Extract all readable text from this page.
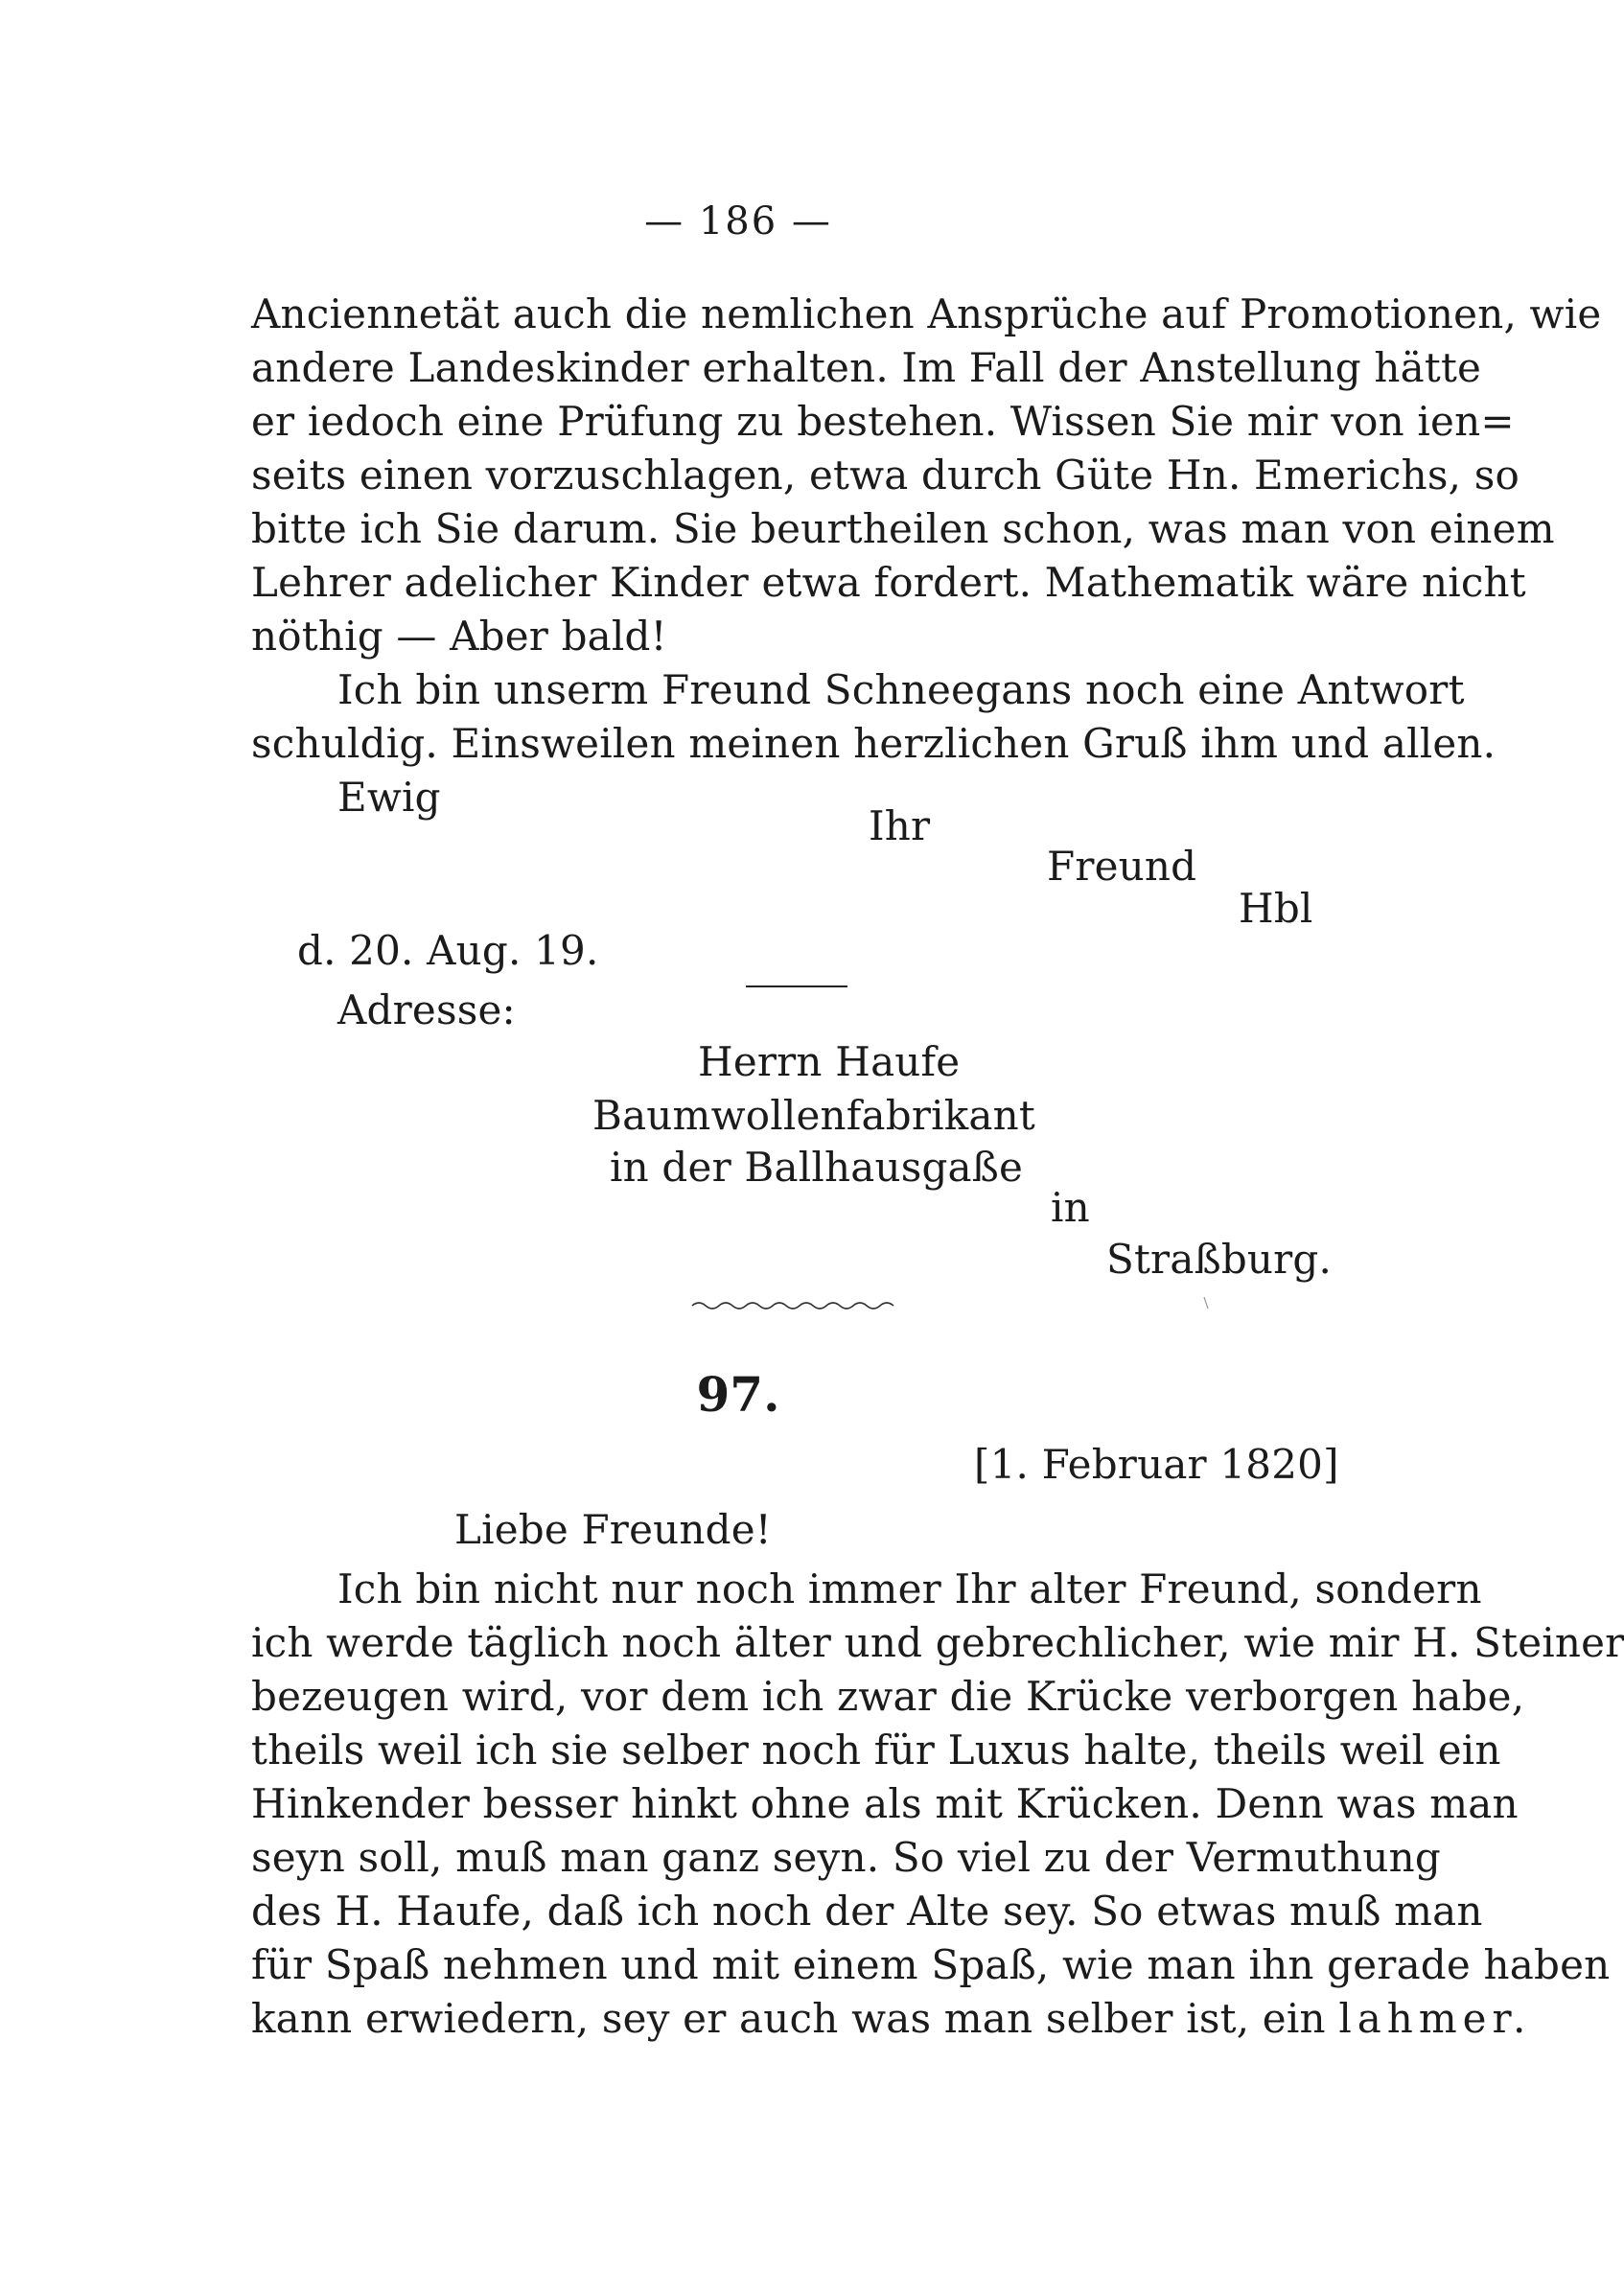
— 186 —
Anciennetät auch die nemlichen Ansprüche auf Promotionen, wie
andere Landeskinder erhalten. Im Fall der Anstellung hätte
er iedoch eine Prüfung zu bestehen. Wissen Sie mir von ien=
seits einen vorzuschlagen, etwa durch Güte Hn. Emerichs, so
bitte ich Sie darum. Sie beurtheilen schon, was man von einem
Lehrer adelicher Kinder etwa fordert. Mathematik wäre nicht
nöthig — Aber bald!
Ich bin unserm Freund Schneegans noch eine Antwort
schuldig. Einsweilen meinen herzlichen Gruß ihm und allen.
Ewig
Ihr
Freund
Hbl
d. 20. Aug. 19.
Adresse:
Herrn Haufe
Baumwollenfabrikant
in der Ballhausgaße
in
Straßburg.
97.
[1. Februar 1820]
Liebe Freunde!
Ich bin nicht nur noch immer Ihr alter Freund, sondern
ich werde täglich noch älter und gebrechlicher, wie mir H. Steiner
bezeugen wird, vor dem ich zwar die Krücke verborgen habe,
theils weil ich sie selber noch für Luxus halte, theils weil ein
Hinkender besser hinkt ohne als mit Krücken. Denn was man
seyn soll, muß man ganz seyn. So viel zu der Vermuthung
des H. Haufe, daß ich noch der Alte sey. So etwas muß man
für Spaß nehmen und mit einem Spaß, wie man ihn gerade haben
kann erwiedern, sey er auch was man selber ist, ein lahmer.
